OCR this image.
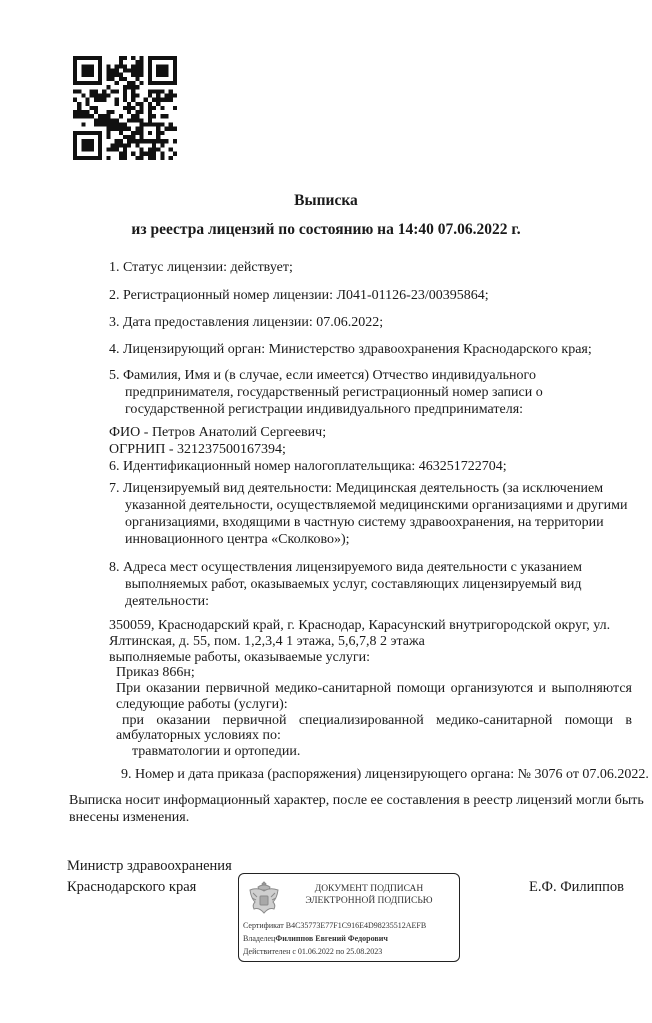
Выписка
из реестра лицензий по состоянию на 14:40 07.06.2022 г.
1. Статус лицензии: действует;
2. Регистрационный номер лицензии: Л041-01126-23/00395864;
3. Дата предоставления лицензии: 07.06.2022;
4. Лицензирующий орган: Министерство здравоохранения Краснодарского края;
5. Фамилия, Имя и (в случае, если имеется) Отчество индивидуального
предпринимателя, государственный регистрационный номер записи о
государственной регистрации индивидуального предпринимателя:
ФИО - Петров Анатолий Сергеевич;
ОГРНИП - 321237500167394;
6. Идентификационный номер налогоплательщика: 463251722704;
7. Лицензируемый вид деятельности: Медицинская деятельность (за исключением
указанной деятельности, осуществляемой медицинскими организациями и другими
организациями, входящими в частную систему здравоохранения, на территории
инновационного центра «Сколково»);
8. Адреса мест осуществления лицензируемого вида деятельности с указанием
выполняемых работ, оказываемых услуг, составляющих лицензируемый вид
деятельности:
350059, Краснодарский край, г. Краснодар, Карасунский внутригородской округ, ул.
Ялтинская, д. 55, пом. 1,2,3,4 1 этажа, 5,6,7,8 2 этажа
выполняемые работы, оказываемые услуги:
Приказ 866н;
При оказании первичной медико-санитарной помощи организуются и выполняются
следующие работы (услуги):
при оказании первичной специализированной медико-санитарной помощи в
амбулаторных условиях по:
травматологии и ортопедии.
9. Номер и дата приказа (распоряжения) лицензирующего органа: № 3076 от 07.06.2022.
Выписка носит информационный характер, после ее составления в реестр лицензий могли быть
внесены изменения.
Министр здравоохранения
Краснодарского края	Е.Ф. Филиппов
ДОКУМЕНТ ПОДПИСАН
ЭЛЕКТРОННОЙ ПОДПИСЬЮ
Сертификат B4C35773E77F1C916E4D98235512AEFB
ВладелецФилиппов Евгений Федорович
Действителен с 01.06.2022 по 25.08.2023
